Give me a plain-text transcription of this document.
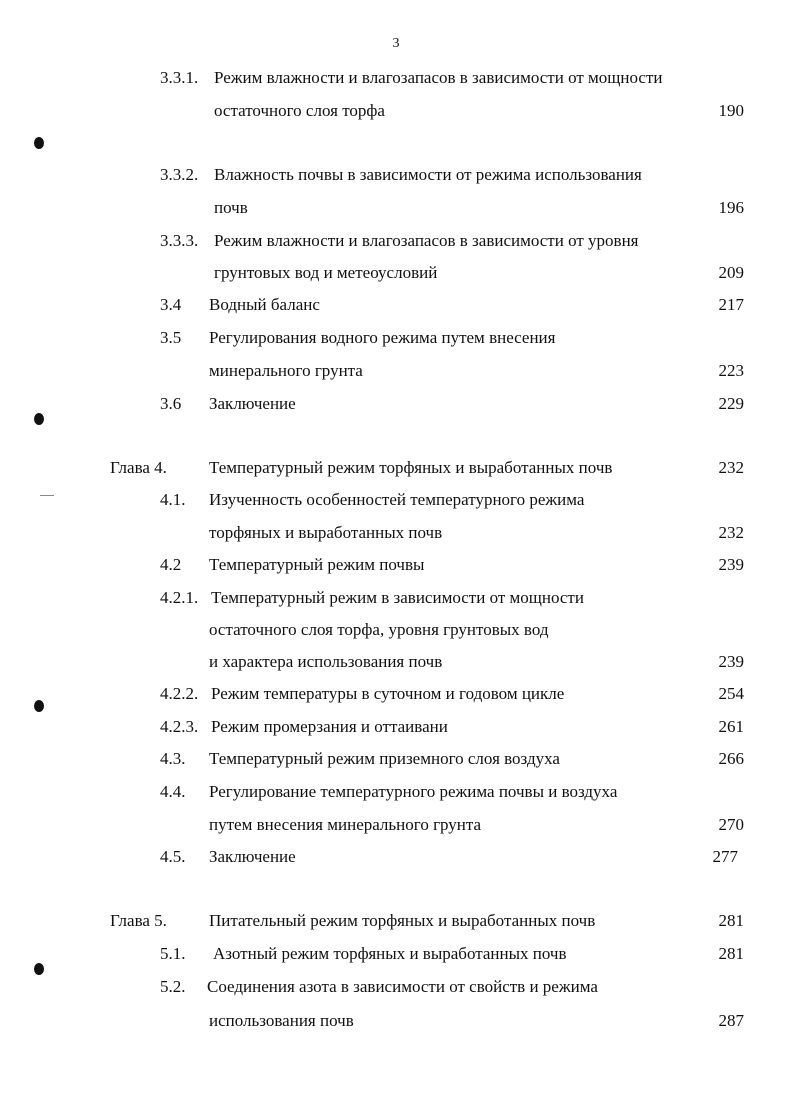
3
3.3.1. Режим влажности и влагозапасов в зависимости от мощности
остаточного слоя торфа	190
3.3.2. Влажность почвы в зависимости от режима использования
почв	196
3.3.3. Режим влажности и влагозапасов в зависимости от уровня
грунтовых вод и метеоусловий	209
3.4 Водный баланс	217
3.5 Регулирования водного режима путем внесения
минерального грунта	223
3.6 Заключение	229
Глава 4. Температурный режим торфяных и выработанных почв	232
4.1. Изученность особенностей температурного режима
торфяных и выработанных почв	232
4.2 Температурный режим почвы	239
4.2.1. Температурный режим в зависимости от мощности
остаточного слоя торфа, уровня грунтовых вод
и характера использования почв	239
4.2.2. Режим температуры в суточном и годовом цикле	254
4.2.3. Режим промерзания и оттаивани	261
4.3. Температурный режим приземного слоя воздуха	266
4.4. Регулирование температурного режима почвы и воздуха
путем внесения минерального грунта	270
4.5. Заключение	277
Глава 5. Питательный режим торфяных и выработанных почв	281
5.1. Азотный режим торфяных и выработанных почв	281
5.2. Соединения азота в зависимости от свойств и режима
использования почв	287
